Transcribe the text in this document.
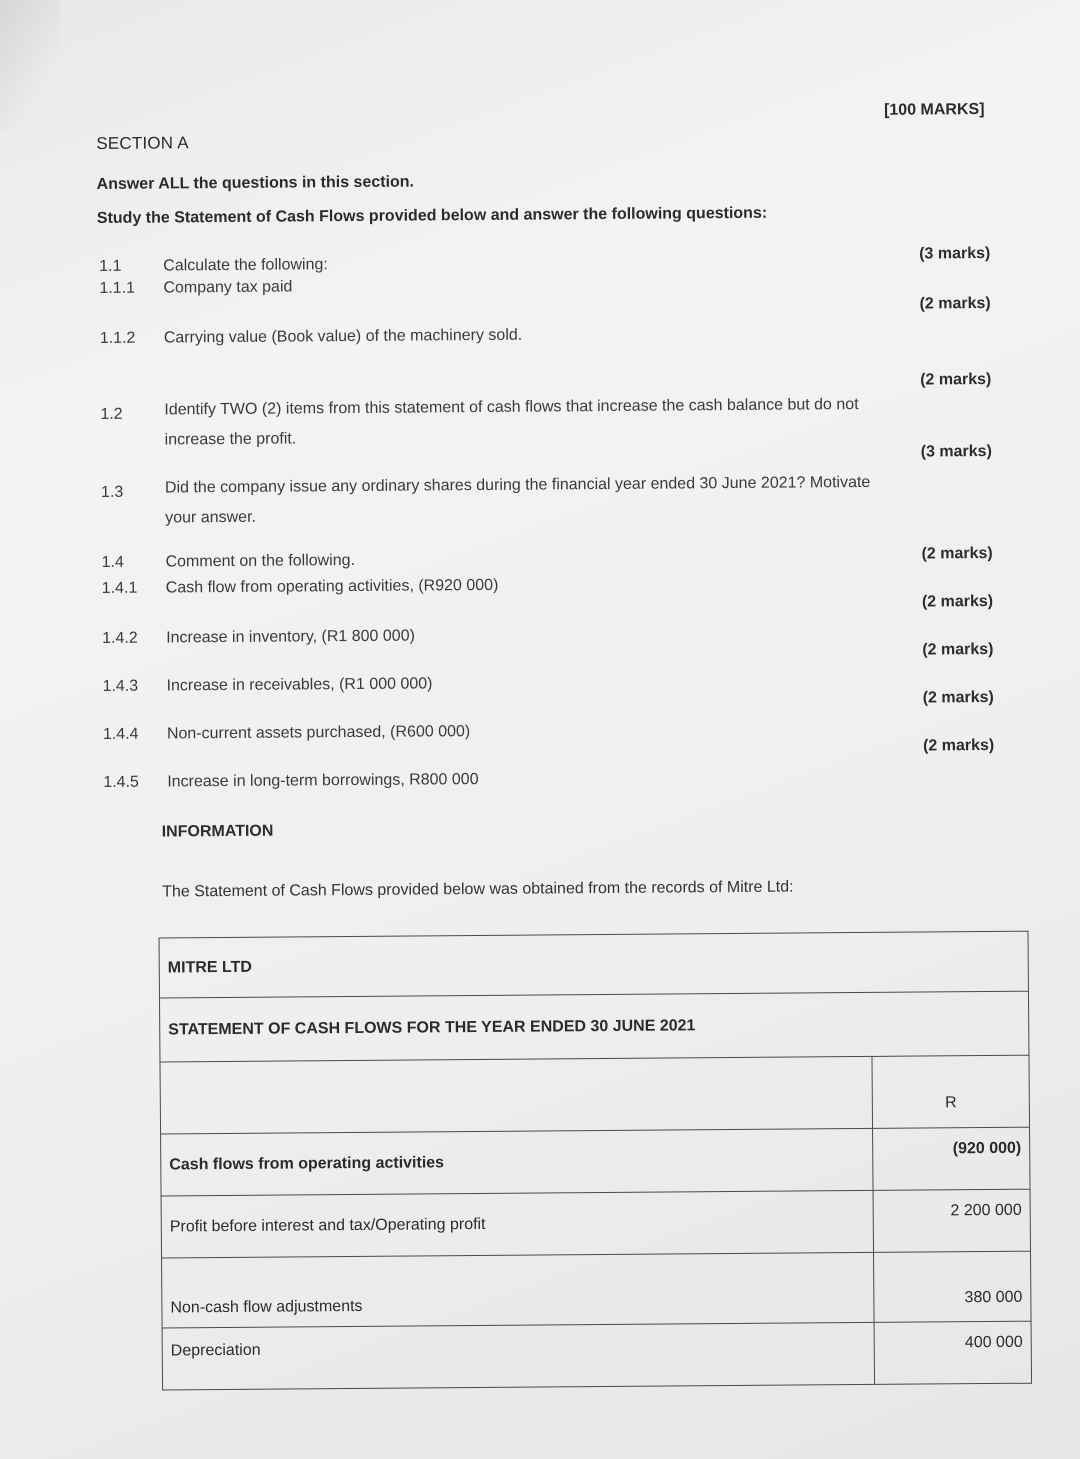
SECTION A
[100 MARKS]
Answer ALL the questions in this section.
Study the Statement of Cash Flows provided below and answer the following questions:
1.1	Calculate the following:
1.1.1	Company tax paid
(3 marks)
1.1.2	Carrying value (Book value) of the machinery sold.
(2 marks)
1.2	Identify TWO (2) items from this statement of cash flows that increase the cash balance but do not increase the profit.
(2 marks)
1.3	Did the company issue any ordinary shares during the financial year ended 30 June 2021? Motivate your answer.
(3 marks)
1.4	Comment on the following.
1.4.1	Cash flow from operating activities, (R920 000)
(2 marks)
1.4.2	Increase in inventory, (R1 800 000)
(2 marks)
1.4.3	Increase in receivables, (R1 000 000)
(2 marks)
1.4.4	Non-current assets purchased, (R600 000)
(2 marks)
1.4.5	Increase in long-term borrowings, R800 000
(2 marks)
INFORMATION
The Statement of Cash Flows provided below was obtained from the records of Mitre Ltd:
MITRE LTD	
STATEMENT OF CASH FLOWS FOR THE YEAR ENDED 30 JUNE 2021	
	R
Cash flows from operating activities	(920 000)
Profit before interest and tax/Operating profit	2 200 000
Non-cash flow adjustments	380 000
Depreciation	400 000
